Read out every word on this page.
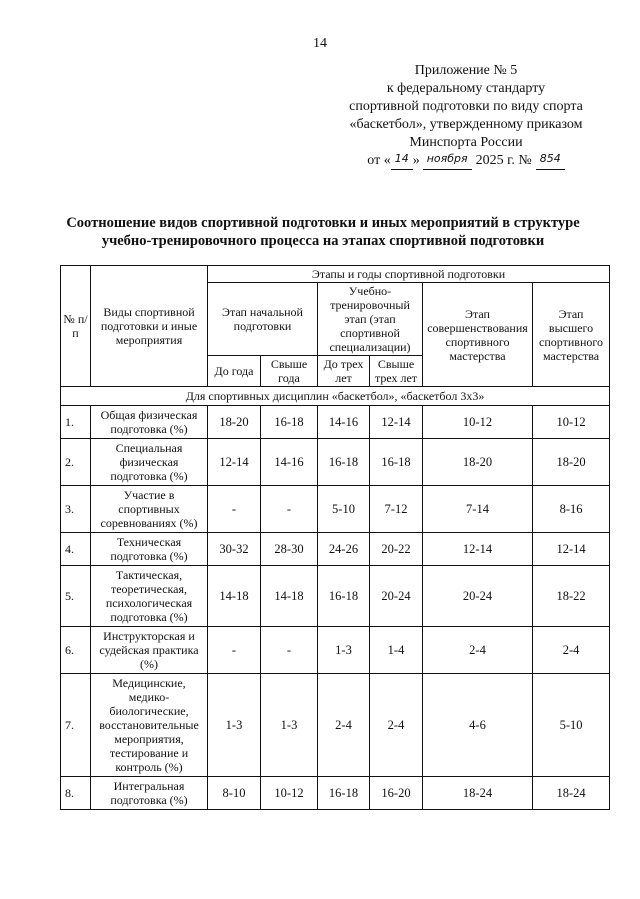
14
Приложение № 5
к федеральному стандарту
спортивной подготовки по виду спорта
«баскетбол», утвержденному приказом
Минспорта России
от « 14 » ноября 2025 г. № 854
Соотношение видов спортивной подготовки и иных мероприятий в структуре
учебно-тренировочного процесса на этапах спортивной подготовки
№ п/п	Виды спортивной подготовки и иные мероприятия	Этапы и годы спортивной подготовки					
		Этап начальной подготовки		Учебно-тренировочный этап (этап спортивной специализации)		Этап совершенствования спортивного мастерства	Этап высшего спортивного мастерства
		До года	Свыше года	До трех лет	Свыше трех лет		
Для спортивных дисциплин «баскетбол», «баскетбол 3х3»							
1.	Общая физическая подготовка (%)	18-20	16-18	14-16	12-14	10-12	10-12
2.	Специальная физическая подготовка (%)	12-14	14-16	16-18	16-18	18-20	18-20
3.	Участие в спортивных соревнованиях (%)	-	-	5-10	7-12	7-14	8-16
4.	Техническая подготовка (%)	30-32	28-30	24-26	20-22	12-14	12-14
5.	Тактическая, теоретическая, психологическая подготовка (%)	14-18	14-18	16-18	20-24	20-24	18-22
6.	Инструкторская и судейская практика (%)	-	-	1-3	1-4	2-4	2-4
7.	Медицинские, медико-биологические, восстановительные мероприятия, тестирование и контроль (%)	1-3	1-3	2-4	2-4	4-6	5-10
8.	Интегральная подготовка (%)	8-10	10-12	16-18	16-20	18-24	18-24
